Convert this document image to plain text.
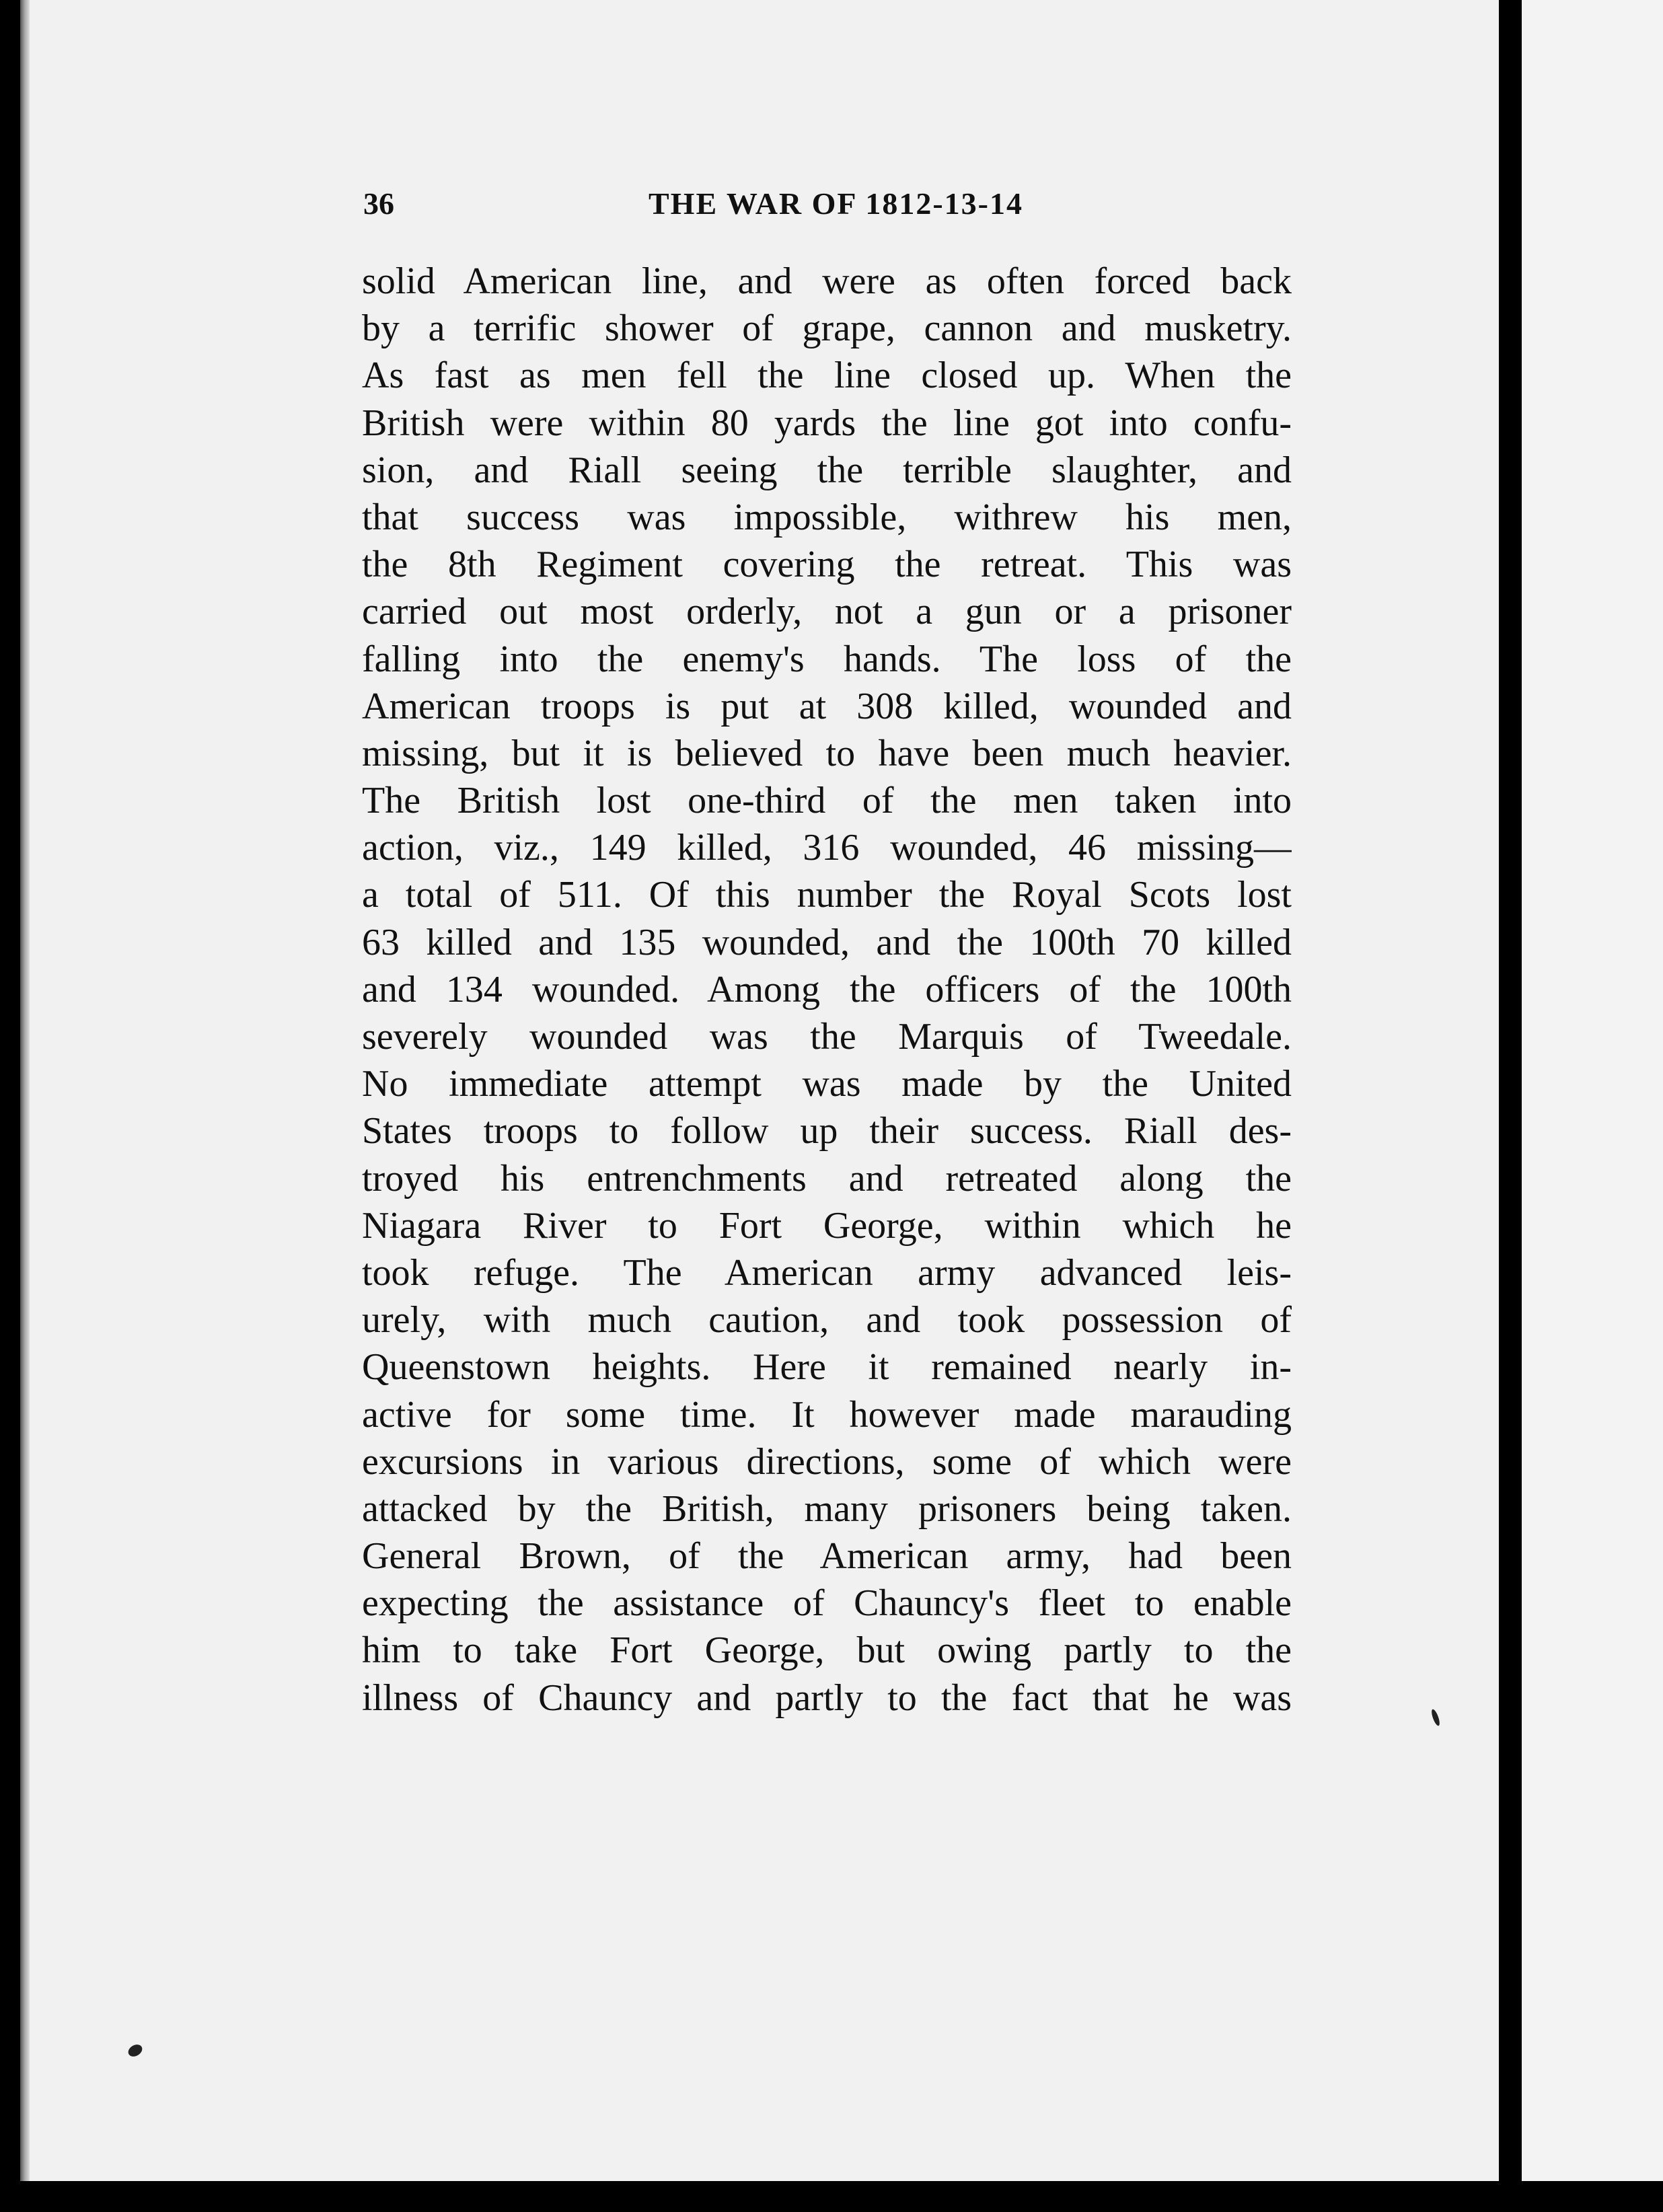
36	THE WAR OF 1812-13-14
solid American line, and were as often forced back
by a terrific shower of grape, cannon and musketry.
As fast as men fell the line closed up. When the
British were within 80 yards the line got into confu-
sion, and Riall seeing the terrible slaughter, and
that success was impossible, withrew his men,
the 8th Regiment covering the retreat. This was
carried out most orderly, not a gun or a prisoner
falling into the enemy's hands. The loss of the
American troops is put at 308 killed, wounded and
missing, but it is believed to have been much heavier.
The British lost one-third of the men taken into
action, viz., 149 killed, 316 wounded, 46 missing—
a total of 511. Of this number the Royal Scots lost
63 killed and 135 wounded, and the 100th 70 killed
and 134 wounded. Among the officers of the 100th
severely wounded was the Marquis of Tweedale.
No immediate attempt was made by the United
States troops to follow up their success. Riall des-
troyed his entrenchments and retreated along the
Niagara River to Fort George, within which he
took refuge. The American army advanced leis-
urely, with much caution, and took possession of
Queenstown heights. Here it remained nearly in-
active for some time. It however made marauding
excursions in various directions, some of which were
attacked by the British, many prisoners being taken.
General Brown, of the American army, had been
expecting the assistance of Chauncy's fleet to enable
him to take Fort George, but owing partly to the
illness of Chauncy and partly to the fact that he was
